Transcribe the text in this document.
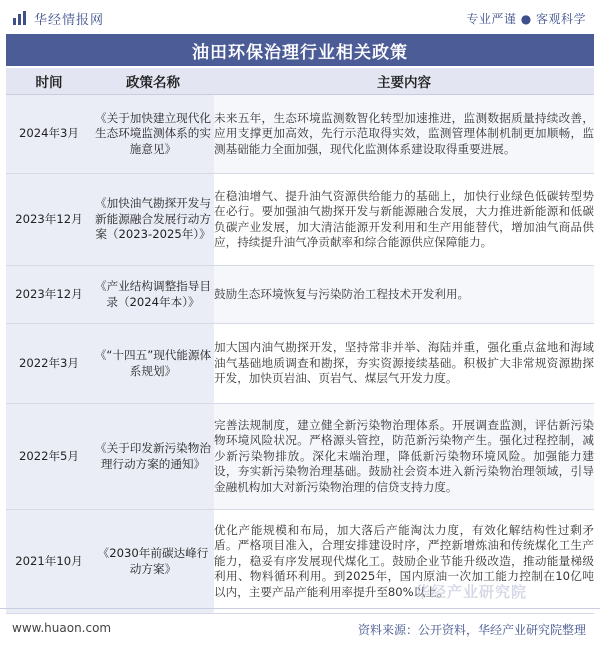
华经情报网	专业严谨 ● 客观科学
油田环保治理行业相关政策
时间	政策名称	主要内容
2024年3月	《关于加快建立现代化生态环境监测体系的实施意见》	未来五年，生态环境监测数智化转型加速推进，监测数据质量持续改善，应用支撑更加高效，先行示范取得实效，监测管理体制机制更加顺畅，监测基础能力全面加强，现代化监测体系建设取得重要进展。
2023年12月	《加快油气勘探开发与新能源融合发展行动方案（2023-2025年）》	在稳油增气、提升油气资源供给能力的基础上，加快行业绿色低碳转型势在必行。要加强油气勘探开发与新能源融合发展，大力推进新能源和低碳负碳产业发展，加大清洁能源开发利用和生产用能替代，增加油气商品供应，持续提升油气净贡献率和综合能源供应保障能力。
2023年12月	《产业结构调整指导目录（2024年本）》	鼓励生态环境恢复与污染防治工程技术开发利用。
2022年3月	《“十四五”现代能源体系规划》	加大国内油气勘探开发，坚持常非并举、海陆并重，强化重点盆地和海域油气基础地质调查和勘探，夯实资源接续基础。积极扩大非常规资源勘探开发，加快页岩油、页岩气、煤层气开发力度。
2022年5月	《关于印发新污染物治理行动方案的通知》	完善法规制度，建立健全新污染物治理体系。开展调查监测，评估新污染物环境风险状况。严格源头管控，防范新污染物产生。强化过程控制，减少新污染物排放。深化末端治理，降低新污染物环境风险。加强能力建设，夯实新污染物治理基础。鼓励社会资本进入新污染物治理领域，引导金融机构加大对新污染物治理的信贷支持力度。
2021年10月	《2030年前碳达峰行动方案》	优化产能规模和布局，加大落后产能淘汰力度，有效化解结构性过剩矛盾。严格项目准入，合理安排建设时序，严控新增炼油和传统煤化工生产能力，稳妥有序发展现代煤化工。鼓励企业节能升级改造，推动能量梯级利用、物料循环利用。到2025年，国内原油一次加工能力控制在10亿吨以内，主要产品产能利用率提升至80%以上。
华经产业研究院
www.huaon.com	资料来源：公开资料，华经产业研究院整理
